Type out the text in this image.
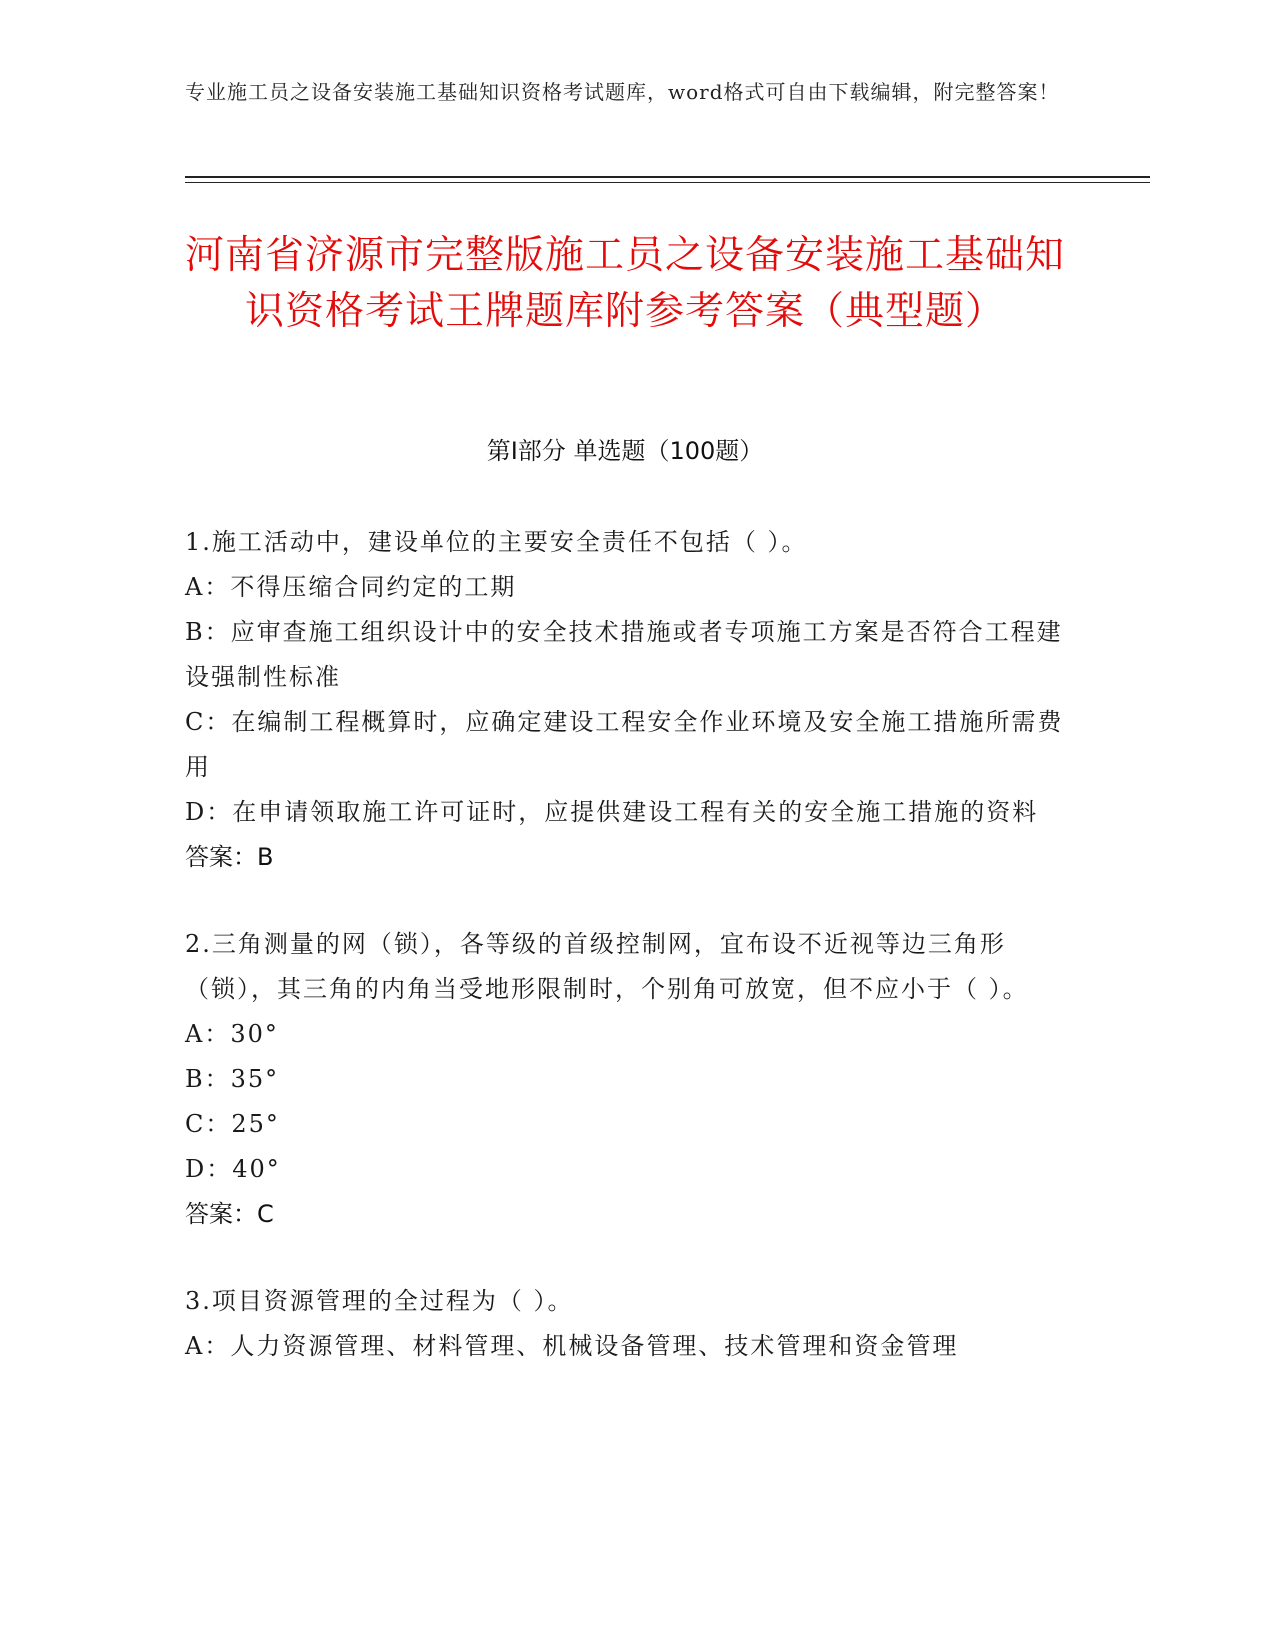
专业施工员之设备安装施工基础知识资格考试题库，word格式可自由下载编辑，附完整答案！
河南省济源市完整版施工员之设备安装施工基础知识资格考试王牌题库附参考答案（典型题）
第I部分 单选题（100题）

1.施工活动中，建设单位的主要安全责任不包括（ ）。

A：不得压缩合同约定的工期

B：应审查施工组织设计中的安全技术措施或者专项施工方案是否符合工程建设强制性标准

C：在编制工程概算时，应确定建设工程安全作业环境及安全施工措施所需费用

D：在申请领取施工许可证时，应提供建设工程有关的安全施工措施的资料

答案：B

2.三角测量的网（锁），各等级的首级控制网，宜布设不近视等边三角形（锁），其三角的内角当受地形限制时，个别角可放宽，但不应小于（ ）。

A：30°

B：35°

C：25°

D：40°

答案：C

3.项目资源管理的全过程为（ ）。

A：人力资源管理、材料管理、机械设备管理、技术管理和资金管理
